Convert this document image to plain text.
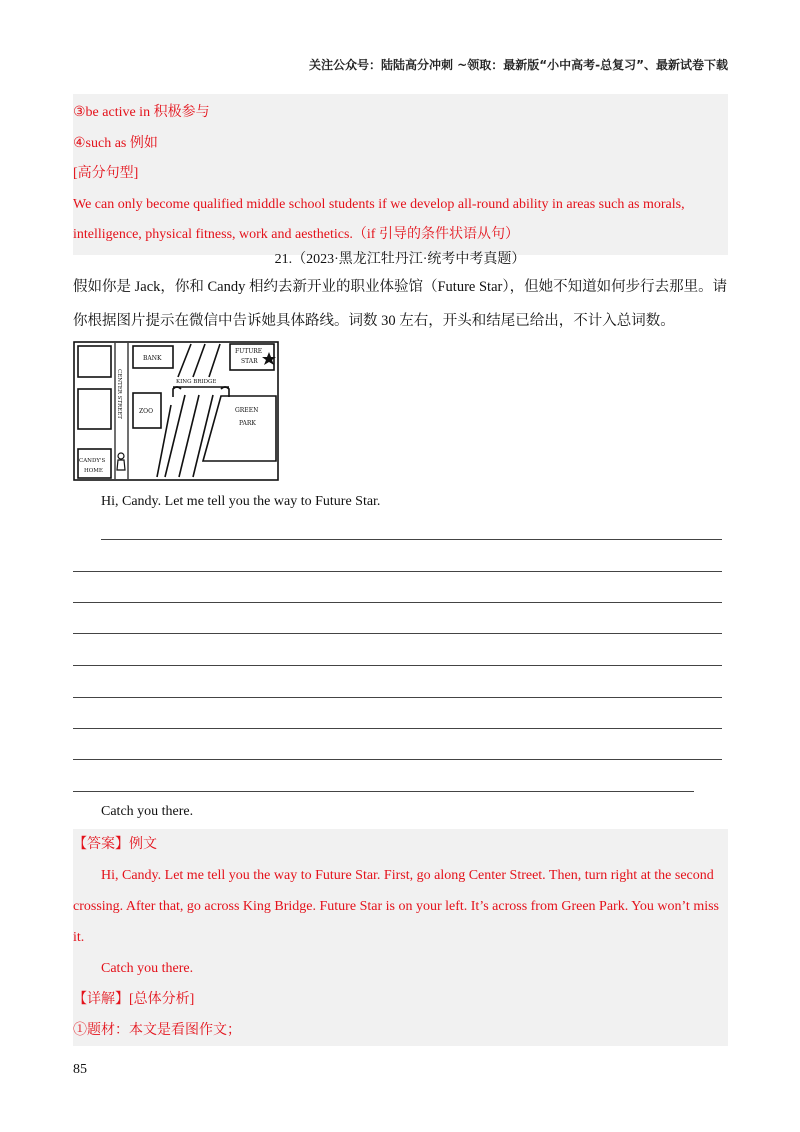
关注公众号：陆陆高分冲刺 ~领取：最新版“小中高考-总复习”、最新试卷下载
③be active in 积极参与
④such as 例如
[高分句型]
We can only become qualified middle school students if we develop all-round ability in areas such as morals,
intelligence, physical fitness, work and aesthetics.（if 引导的条件状语从句）
21.（2023·黑龙江牡丹江·统考中考真题）
假如你是 Jack，你和 Candy 相约去新开业的职业体验馆（Future Star），但她不知道如何步行去那里。请
你根据图片提示在微信中告诉她具体路线。词数 30 左右，开头和结尾已给出，不计入总词数。
BANK
FUTURE
STAR
KING BRIDGE
ZOO	GREEN
PARK
CANDY'S
HOME
CENTER STREET
Hi, Candy. Let me tell you the way to Future Star.
Catch you there.
【答案】例文
Hi, Candy. Let me tell you the way to Future Star. First, go along Center Street. Then, turn right at the second
crossing. After that, go across King Bridge. Future Star is on your left. It’s across from Green Park. You won’t miss
it.
Catch you there.
【详解】[总体分析]
①题材：本文是看图作文；
85
